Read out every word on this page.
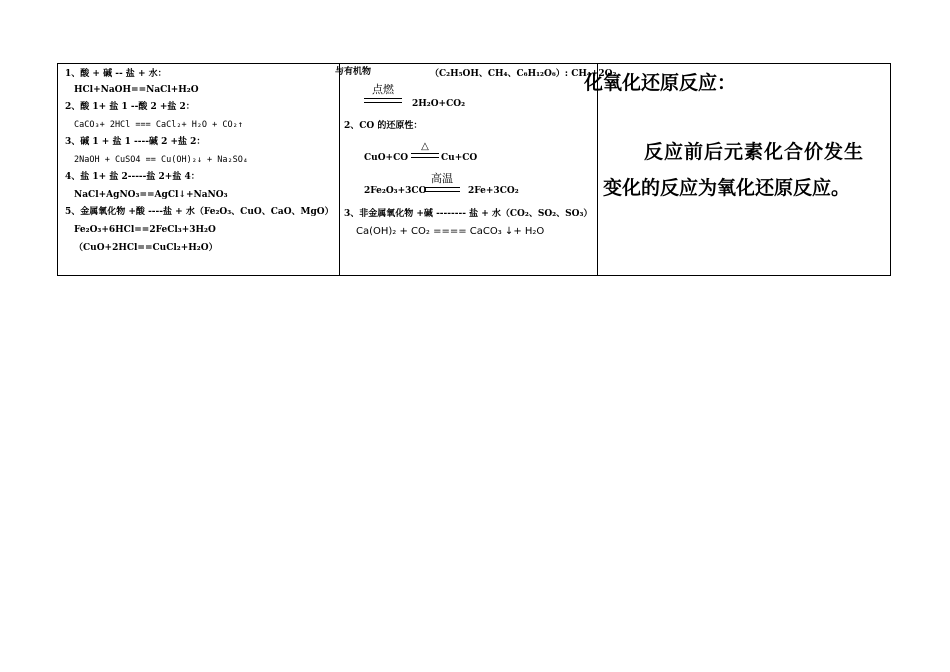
1、酸 + 碱 -- 盐 + 水：
HCl+NaOH==NaCl+H₂O
2、酸 1+ 盐 1 --酸 2 +盐 2：
CaCO₃+ 2HCl === CaCl₂+ H₂O + CO₂↑
3、碱 1 + 盐 1 ----碱 2 +盐 2：
2NaOH + CuSO4 == Cu(OH)₂↓ + Na₂SO₄
4、盐 1+ 盐 2-----盐 2+盐 4：
NaCl+AgNO₃==AgCl↓+NaNO₃
5、金属氧化物 +酸 ----盐 + 水（Fe₂O₃、CuO、CaO、MgO）
Fe₂O₃+6HCl==2FeCl₃+3H₂O
（CuO+2HCl==CuCl₂+H₂O）
与有机物	（C₂H₅OH、CH₄、C₆H₁₂O₆）: CH₄+2O₂
点燃
2H₂O+CO₂
2、CO 的还原性：
CuO+CO
△
Cu+CO
2Fe₂O₃+3CO
高温
2Fe+3CO₂
3、非金属氧化物 +碱 -------- 盐 + 水（CO₂、SO₂、SO₃）
Ca(OH)₂ + CO₂ ==== CaCO₃ ↓+ H₂O
化氧化还原反应：
反应前后元素化合价发生
变化的反应为氧化还原反应。
